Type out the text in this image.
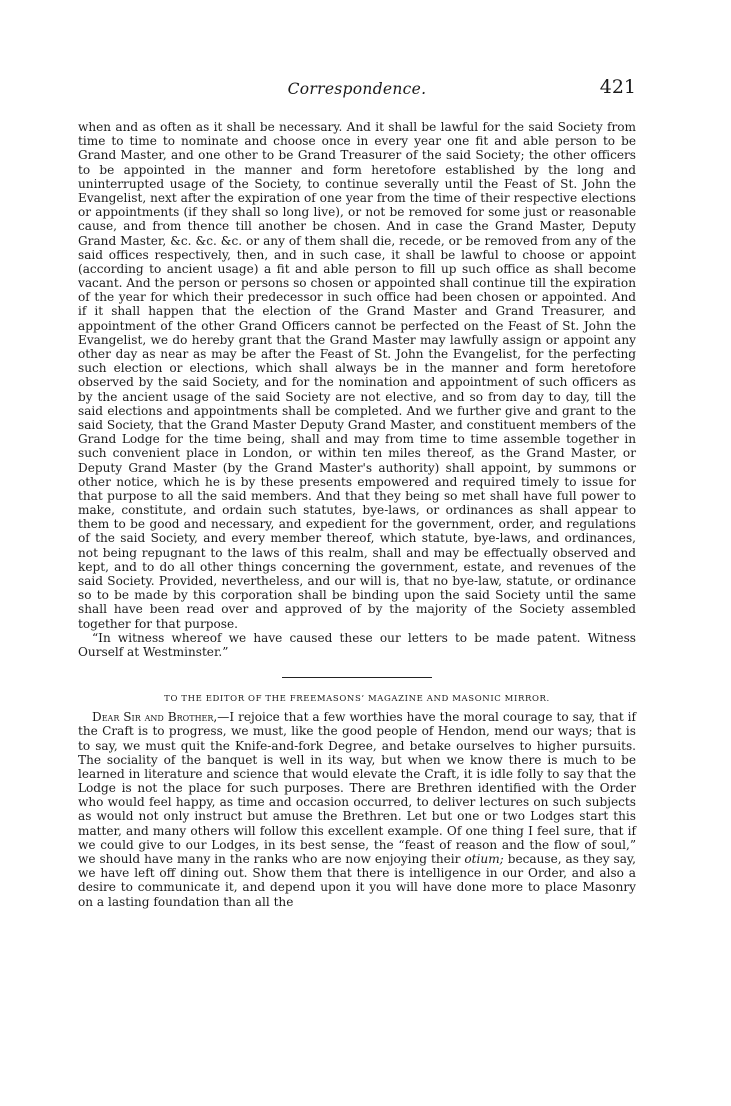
Correspondence.	421

when and as often as it shall be necessary. And it shall be lawful for the said Society from time to time to nominate and choose once in every year one fit and able person to be Grand Master, and one other to be Grand Treasurer of the said Society; the other officers to be appointed in the manner and form heretofore established by the long and uninterrupted usage of the Society, to continue severally until the Feast of St. John the Evangelist, next after the expiration of one year from the time of their respective elections or appointments (if they shall so long live), or not be removed for some just or reasonable cause, and from thence till another be chosen. And in case the Grand Master, Deputy Grand Master, &c. &c. &c. or any of them shall die, recede, or be removed from any of the said offices respectively, then, and in such case, it shall be lawful to choose or appoint (according to ancient usage) a fit and able person to fill up such office as shall become vacant. And the person or persons so chosen or appointed shall continue till the expiration of the year for which their predecessor in such office had been chosen or appointed. And if it shall happen that the election of the Grand Master and Grand Treasurer, and appointment of the other Grand Officers cannot be perfected on the Feast of St. John the Evangelist, we do hereby grant that the Grand Master may lawfully assign or appoint any other day as near as may be after the Feast of St. John the Evangelist, for the perfecting such election or elections, which shall always be in the manner and form heretofore observed by the said Society, and for the nomination and appointment of such officers as by the ancient usage of the said Society are not elective, and so from day to day, till the said elections and appointments shall be completed. And we further give and grant to the said Society, that the Grand Master Deputy Grand Master, and constituent members of the Grand Lodge for the time being, shall and may from time to time assemble together in such convenient place in London, or within ten miles thereof, as the Grand Master, or Deputy Grand Master (by the Grand Master's authority) shall appoint, by summons or other notice, which he is by these presents empowered and required timely to issue for that purpose to all the said members. And that they being so met shall have full power to make, constitute, and ordain such statutes, bye-laws, or ordinances as shall appear to them to be good and necessary, and expedient for the government, order, and regulations of the said Society, and every member thereof, which statute, bye-laws, and ordinances, not being repugnant to the laws of this realm, shall and may be effectually observed and kept, and to do all other things concerning the government, estate, and revenues of the said Society. Provided, nevertheless, and our will is, that no bye-law, statute, or ordinance so to be made by this corporation shall be binding upon the said Society until the same shall have been read over and approved of by the majority of the Society assembled together for that purpose.

“In witness whereof we have caused these our letters to be made patent. Witness Ourself at Westminster.”

TO THE EDITOR OF THE FREEMASONS’ MAGAZINE AND MASONIC MIRROR.

Dear Sir and Brother,—I rejoice that a few worthies have the moral courage to say, that if the Craft is to progress, we must, like the good people of Hendon, mend our ways; that is to say, we must quit the Knife-and-fork Degree, and betake ourselves to higher pursuits. The sociality of the banquet is well in its way, but when we know there is much to be learned in literature and science that would elevate the Craft, it is idle folly to say that the Lodge is not the place for such purposes. There are Brethren identified with the Order who would feel happy, as time and occasion occurred, to deliver lectures on such subjects as would not only instruct but amuse the Brethren. Let but one or two Lodges start this matter, and many others will follow this excellent example. Of one thing I feel sure, that if we could give to our Lodges, in its best sense, the “feast of reason and the flow of soul,” we should have many in the ranks who are now enjoying their otium; because, as they say, we have left off dining out. Show them that there is intelligence in our Order, and also a desire to communicate it, and depend upon it you will have done more to place Masonry on a lasting foundation than all the
